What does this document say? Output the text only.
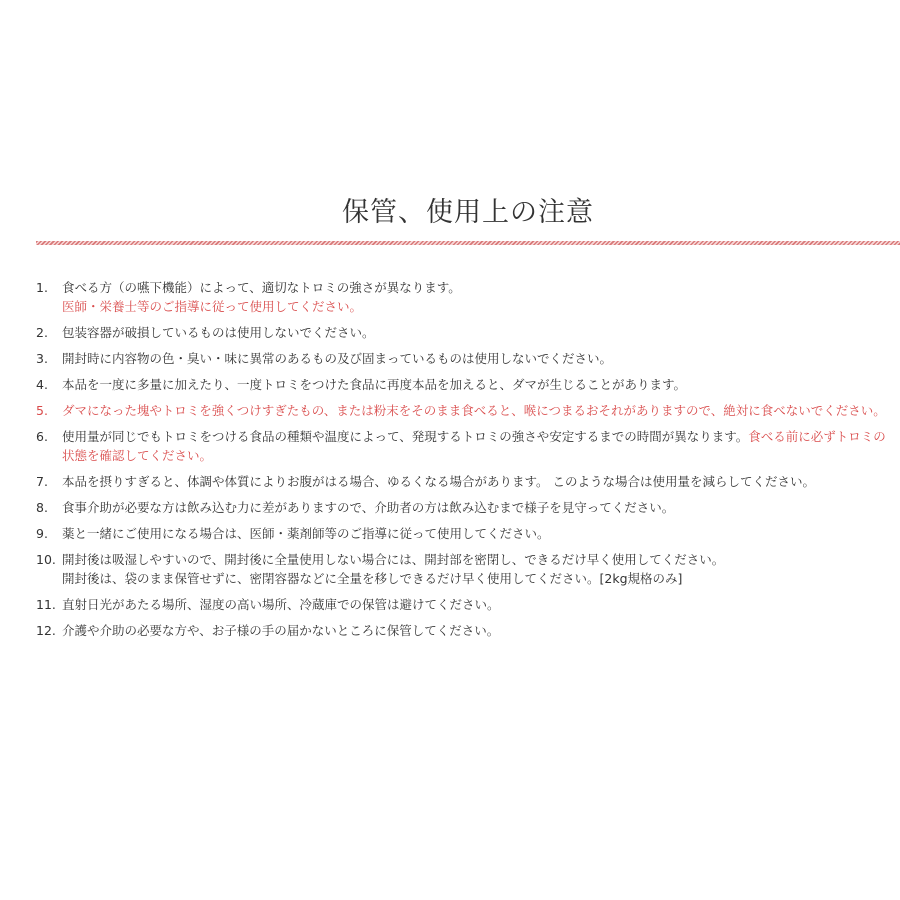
保管、使用上の注意
1.	食べる方（の嚥下機能）によって、適切なトロミの強さが異なります。
医師・栄養士等のご指導に従って使用してください。
2.	包装容器が破損しているものは使用しないでください。
3.	開封時に内容物の色・臭い・味に異常のあるもの及び固まっているものは使用しないでください。
4.	本品を一度に多量に加えたり、一度トロミをつけた食品に再度本品を加えると、ダマが生じることがあります。
5.	ダマになった塊やトロミを強くつけすぎたもの、または粉末をそのまま食べると、喉につまるおそれがありますので、絶対に食べないでください。
6.	使用量が同じでもトロミをつける食品の種類や温度によって、発現するトロミの強さや安定するまでの時間が異なります。食べる前に必ずトロミの状態を確認してください。
7.	本品を摂りすぎると、体調や体質によりお腹がはる場合、ゆるくなる場合があります。 このような場合は使用量を減らしてください。
8.	食事介助が必要な方は飲み込む力に差がありますので、介助者の方は飲み込むまで様子を見守ってください。
9.	薬と一緒にご使用になる場合は、医師・薬剤師等のご指導に従って使用してください。
10. 開封後は吸湿しやすいので、開封後に全量使用しない場合には、開封部を密閉し、できるだけ早く使用してください。
開封後は、袋のまま保管せずに、密閉容器などに全量を移しできるだけ早く使用してください。[2kg規格のみ]
11. 直射日光があたる場所、湿度の高い場所、冷蔵庫での保管は避けてください。
12. 介護や介助の必要な方や、お子様の手の届かないところに保管してください。
